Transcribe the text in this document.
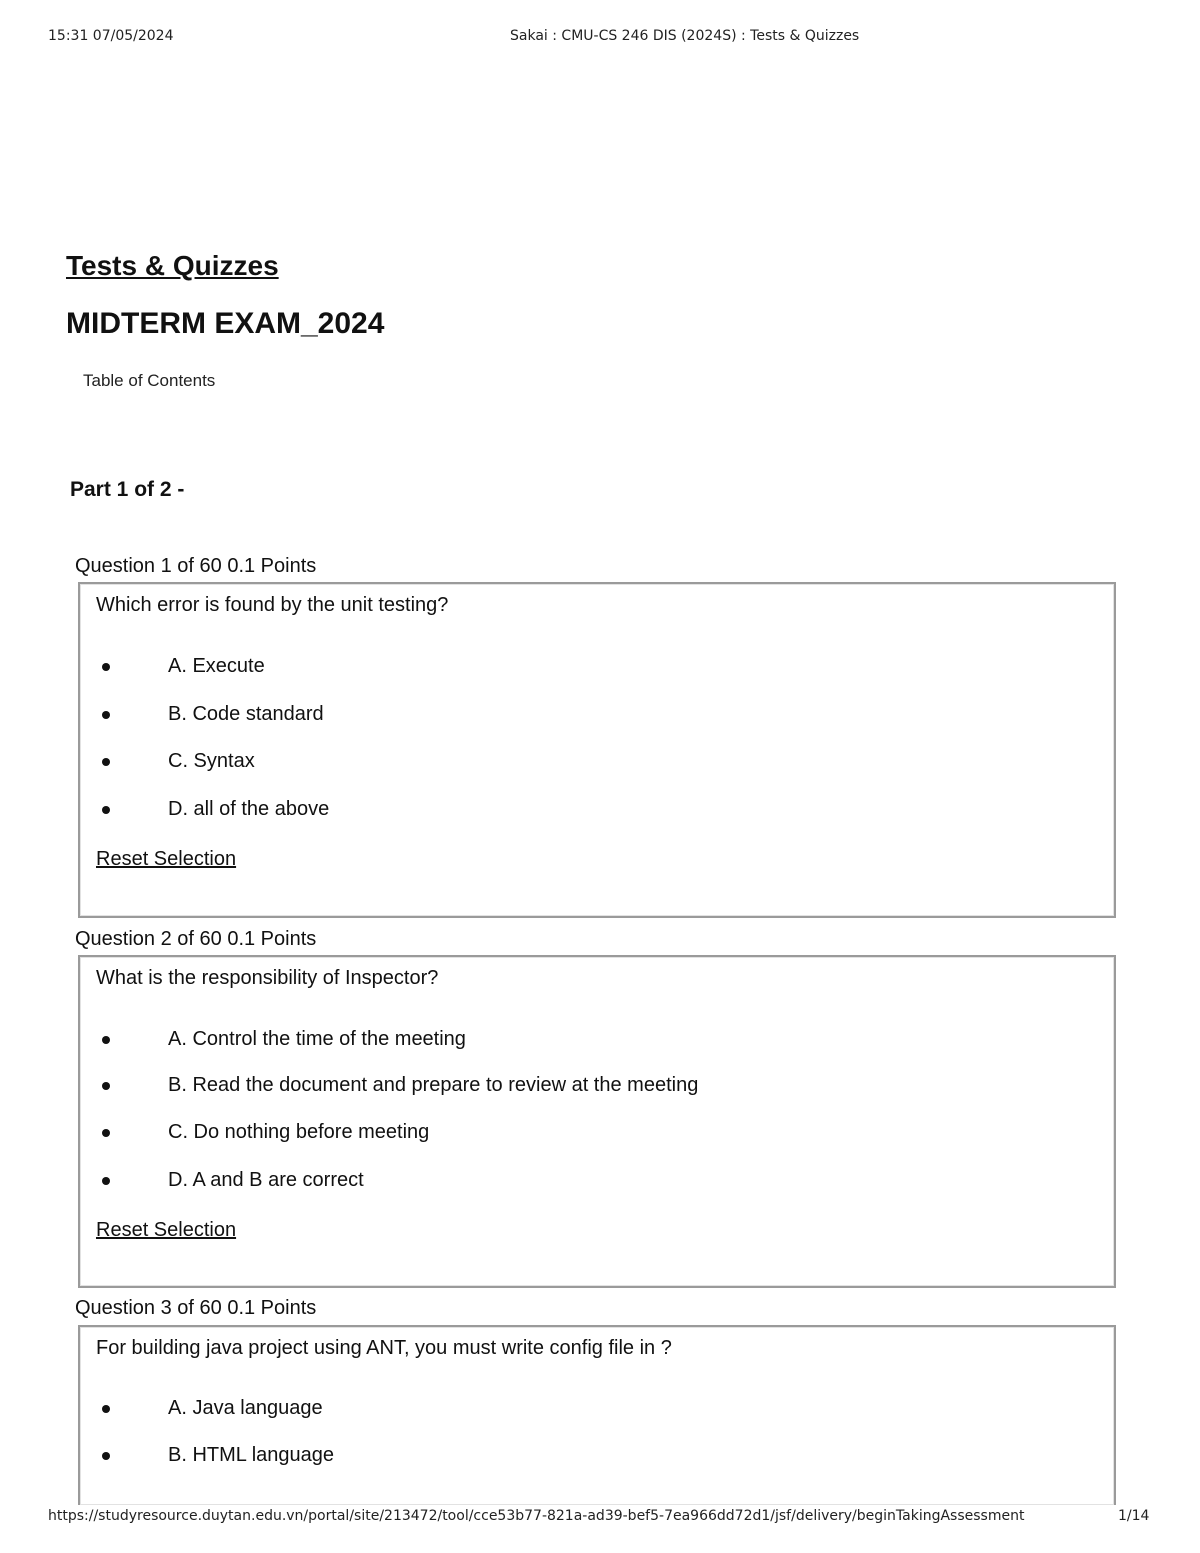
15:31 07/05/2024	Sakai : CMU-CS 246 DIS (2024S) : Tests & Quizzes
Tests & Quizzes
MIDTERM EXAM_2024
Table of Contents
Part 1 of 2 -
Question 1 of 60 0.1 Points
Which error is found by the unit testing?
A. Execute
B. Code standard
C. Syntax
D. all of the above
Reset Selection
Question 2 of 60 0.1 Points
What is the responsibility of Inspector?
A. Control the time of the meeting
B. Read the document and prepare to review at the meeting
C. Do nothing before meeting
D. A and B are correct
Reset Selection
Question 3 of 60 0.1 Points
For building java project using ANT, you must write config file in ?
A. Java language
B. HTML language
https://studyresource.duytan.edu.vn/portal/site/213472/tool/cce53b77-821a-ad39-bef5-7ea966dd72d1/jsf/delivery/beginTakingAssessment	1/14
